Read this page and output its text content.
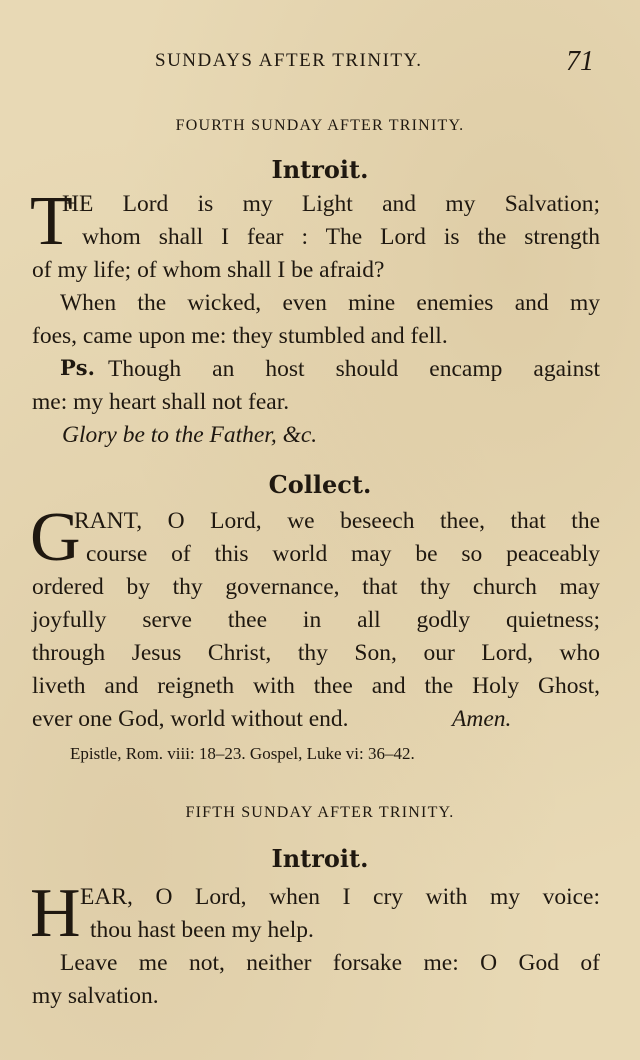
SUNDAYS AFTER TRINITY.	71
FOURTH SUNDAY AFTER TRINITY.
Introit.
T
HE Lord is my Light and my Salvation;
whom shall I fear : The Lord is the strength
of my life; of whom shall I be afraid?
When the wicked, even mine enemies and my
foes, came upon me: they stumbled and fell.
Ps. Though an host should encamp against
me: my heart shall not fear.
Glory be to the Father, &c.
Collect.
G
RANT, O Lord, we beseech thee, that the
course of this world may be so peaceably
ordered by thy governance, that thy church may
joyfully serve thee in all godly quietness;
through Jesus Christ, thy Son, our Lord, who
liveth and reigneth with thee and the Holy Ghost,
ever one God, world without end.	Amen.
Epistle, Rom. viii: 18–23. Gospel, Luke vi: 36–42.
FIFTH SUNDAY AFTER TRINITY.
Introit.
H EAR, O Lord, when I cry with my voice:
thou hast been my help.
Leave me not, neither forsake me: O God of
my salvation.
